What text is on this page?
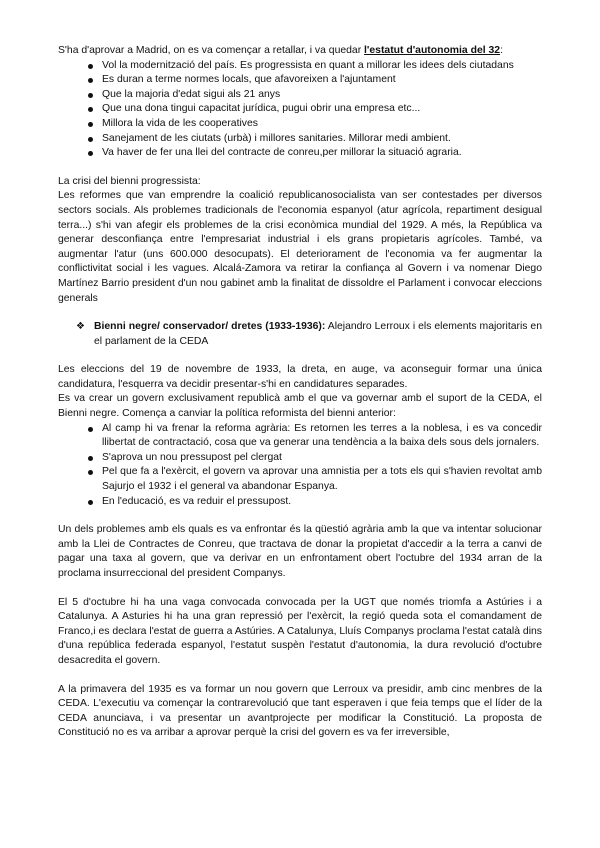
S'ha d'aprovar a Madrid, on es va començar a retallar, i va quedar l'estatut d'autonomia del 32:

Vol la modernització del país. Es progressista en quant a millorar les idees dels ciutadans
Es duran a terme normes locals, que afavoreixen a l'ajuntament
Que la majoria d'edat sigui als 21 anys
Que una dona tingui capacitat jurídica, pugui obrir una empresa etc...
Millora la vida de les cooperatives
Sanejament de les ciutats (urbà) i millores sanitaries. Millorar medi ambient.
Va haver de fer una llei del contracte de conreu,per millorar la situació agraria.

La crisi del bienni progressista:

Les reformes que van emprendre la coalició republicanosocialista van ser contestades per diversos sectors socials. Als problemes tradicionals de l'economia espanyol (atur agrícola, repartiment desigual terra...) s'hi van afegir els problemes de la crisi econòmica mundial del 1929. A més, la República va generar desconfiança entre l'empresariat industrial i els grans propietaris agrícoles. També, va augmentar l'atur (uns 600.000 desocupats). El deteriorament de l'economia va fer augmentar la conflictivitat social i les vagues. Alcalá-Zamora va retirar la confiança al Govern i va nomenar Diego Martínez Barrio president d'un nou gabinet amb la finalitat de dissoldre el Parlament i convocar eleccions generals

❖ Bienni negre/ conservador/ dretes (1933-1936): Alejandro Lerroux i els elements majoritaris en el parlament de la CEDA

Les eleccions del 19 de novembre de 1933, la dreta, en auge, va aconseguir formar una única candidatura, l'esquerra va decidir presentar-s'hi en candidatures separades.

Es va crear un govern exclusivament republicà amb el que va governar amb el suport de la CEDA, el Bienni negre. Comença a canviar la política reformista del bienni anterior:

Al camp hi va frenar la reforma agrària: Es retornen les terres a la noblesa, i es va concedir llibertat de contractació, cosa que va generar una tendència a la baixa dels sous dels jornalers.
S'aprova un nou pressupost pel clergat
Pel que fa a l'exèrcit, el govern va aprovar una amnistia per a tots els qui s'havien revoltat amb Sajurjo el 1932 i el general va abandonar Espanya.
En l'educació, es va reduir el pressupost.

Un dels problemes amb els quals es va enfrontar és la qüestió agrària amb la que va intentar solucionar amb la Llei de Contractes de Conreu, que tractava de donar la propietat d'accedir a la terra a canvi de pagar una taxa al govern, que va derivar en un enfrontament obert l'octubre del 1934 arran de la proclama insurreccional del president Companys.

El 5 d'octubre hi ha una vaga convocada convocada per la UGT que només triomfa a Astúries i a Catalunya. A Asturies hi ha una gran repressió per l'exèrcit, la regió queda sota el comandament de Franco,i es declara l'estat de guerra a Astúries. A Catalunya, Lluís Companys proclama l'estat català dins d'una república federada espanyol, l'estatut suspèn l'estatut d'autonomia, la dura revolució d'octubre desacredita el govern.

A la primavera del 1935 es va formar un nou govern que Lerroux va presidir, amb cinc menbres de la CEDA. L'executiu va començar la contrarevolució que tant esperaven i que feia temps que el líder de la CEDA anunciava, i va presentar un avantprojecte per modificar la Constitució. La proposta de Constitució no es va arribar a aprovar perquè la crisi del govern es va fer irreversible,
